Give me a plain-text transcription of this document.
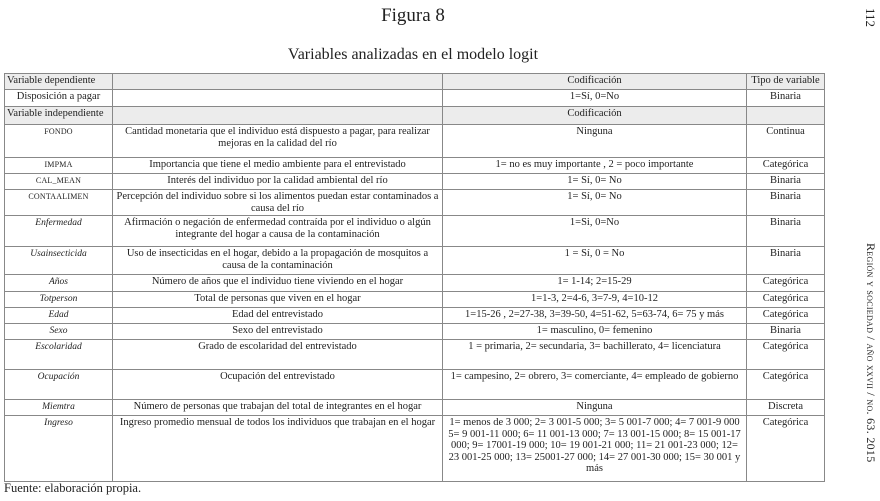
Figura 8
Variables analizadas en el modelo logit
112
Región y sociedad / año xxvii / no. 63. 2015
Variable dependiente		Codificación	Tipo de variable
Disposición a pagar		1=Sí, 0=No	Binaria
Variable independiente		Codificación	
FONDO	Cantidad monetaria que el individuo está dispuesto a pagar, para realizar mejoras en la calidad del río	Ninguna	Continua
IMPMA	Importancia que tiene el medio ambiente para el entrevistado	1= no es muy importante , 2 = poco importante	Categórica
CAL_MEAN	Interés del individuo por la calidad ambiental del río	1= Sí, 0= No	Binaria
CONTAALIMEN	Percepción del individuo sobre si los alimentos puedan estar contaminados a causa del río	1= Sí, 0= No	Binaria
Enfermedad	Afirmación o negación de enfermedad contraída por el individuo o algún integrante del hogar a causa de la contaminación	1=Si, 0=No	Binaria
Usainsecticida	Uso de insecticidas en el hogar, debido a la propagación de mosquitos a causa de la contaminación	1 = Sí, 0 = No	Binaria
Años	Número de años que el individuo tiene viviendo en el hogar	1= 1-14; 2=15-29	Categórica
Totperson	Total de personas que viven en el hogar	1=1-3, 2=4-6, 3=7-9, 4=10-12	Categórica
Edad	Edad del entrevistado	1=15-26 , 2=27-38, 3=39-50, 4=51-62, 5=63-74, 6= 75 y más	Categórica
Sexo	Sexo del entrevistado	1= masculino, 0= femenino	Binaria
Escolaridad	Grado de escolaridad del entrevistado	1 = primaria, 2= secundaria, 3= bachillerato, 4= licenciatura	Categórica
Ocupación	Ocupación del entrevistado	1= campesino, 2= obrero, 3= comerciante, 4= empleado de gobierno	Categórica
Miemtra	Número de personas que trabajan del total de integrantes en el hogar	Ninguna	Discreta
Ingreso	Ingreso promedio mensual de todos los individuos que trabajan en el hogar	1= menos de 3 000; 2= 3 001-5 000; 3= 5 001-7 000; 4= 7 001-9 000 5= 9 001-11 000; 6= 11 001-13 000; 7= 13 001-15 000; 8= 15 001-17 000; 9= 17001-19 000; 10= 19 001-21 000; 11= 21 001-23 000; 12= 23 001-25 000; 13= 25001-27 000; 14= 27 001-30 000; 15= 30 001 y más	Categórica
Fuente: elaboración propia.
